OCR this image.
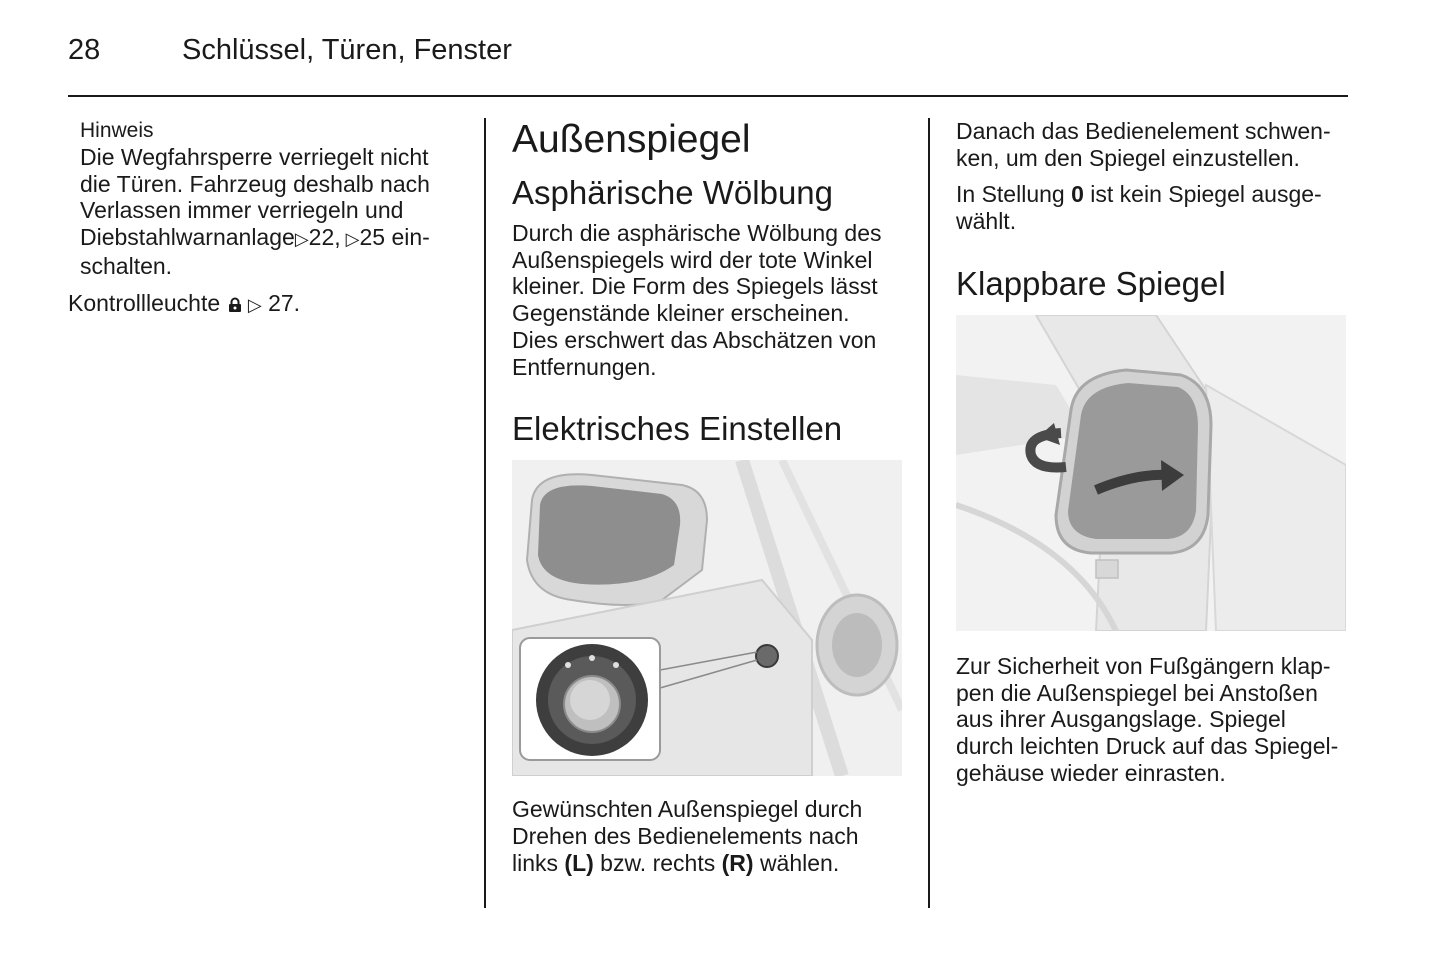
28	Schlüssel, Türen, Fenster
Hinweis

Die Wegfahrsperre verriegelt nicht
die Türen. Fahrzeug deshalb nach
Verlassen immer verriegeln und
Diebstahlwarnanlage▷22, ▷25 ein-
schalten.

Kontrollleuchte ▷ 27.

Außenspiegel
Asphärische Wölbung

Durch die asphärische Wölbung des
Außenspiegels wird der tote Winkel
kleiner. Die Form des Spiegels lässt
Gegenstände kleiner erscheinen.
Dies erschwert das Abschätzen von
Entfernungen.

Elektrisches Einstellen

Gewünschten Außenspiegel durch
Drehen des Bedienelements nach
links (L) bzw. rechts (R) wählen.

Danach das Bedienelement schwen-
ken, um den Spiegel einzustellen.

In Stellung 0 ist kein Spiegel ausge-
wählt.

Klappbare Spiegel

Zur Sicherheit von Fußgängern klap-
pen die Außenspiegel bei Anstoßen
aus ihrer Ausgangslage. Spiegel
durch leichten Druck auf das Spiegel-
gehäuse wieder einrasten.
